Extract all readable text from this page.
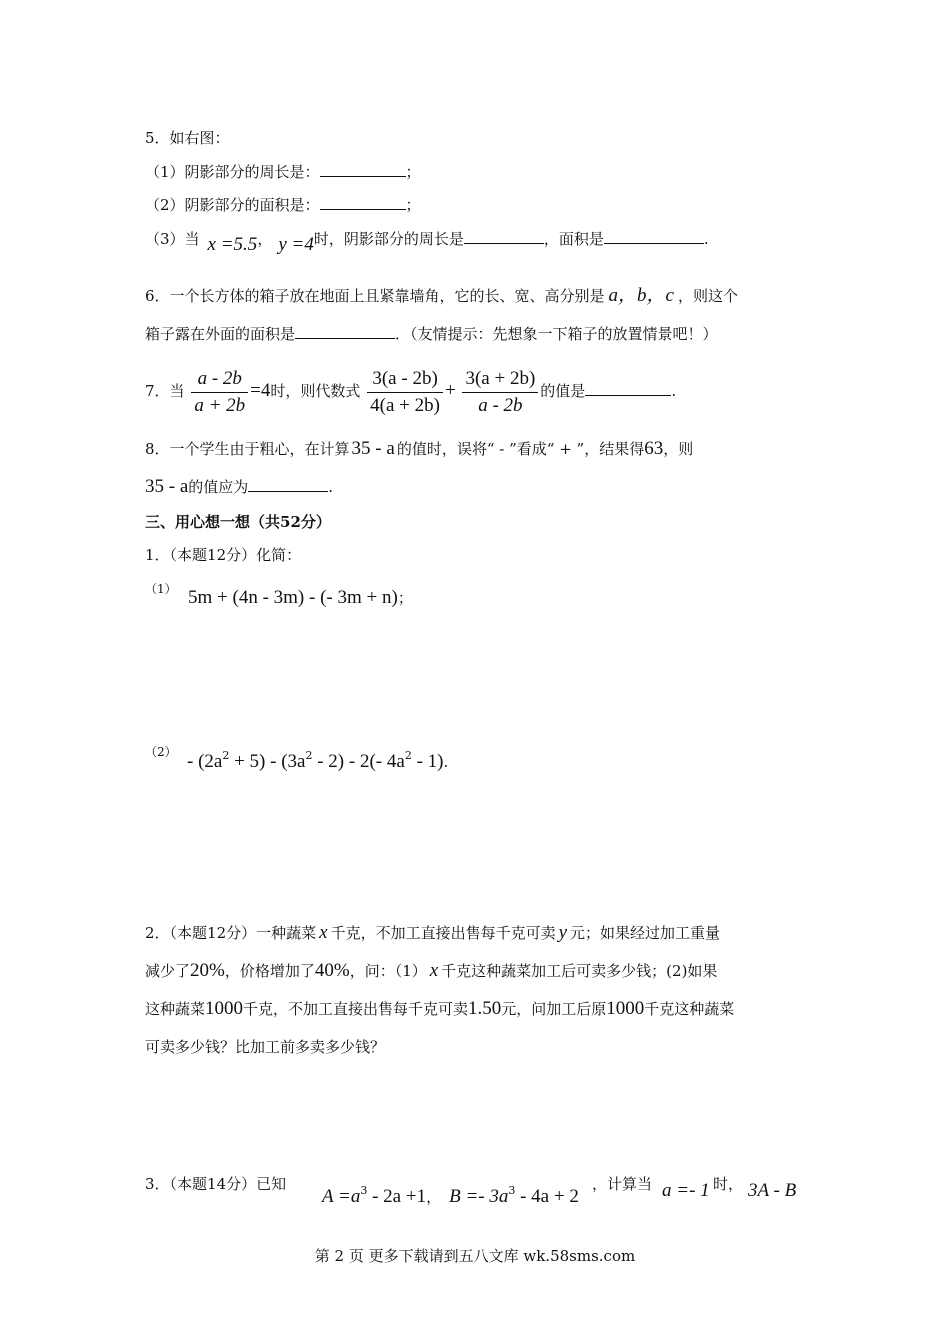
5．如右图：
（1）阴影部分的周长是：	；
（2）阴影部分的面积是：	；
（3）当 x =5.5， y =4时，阴影部分的周长是	，面积是	.
6．一个长方体的箱子放在地面上且紧靠墙角，它的长、宽、高分别是 a，b，c ，则这个
箱子露在外面的面积是	．（友情提示：先想象一下箱子的放置情景吧！）
7．当 $\frac{a - 2b}{a + 2b} =4$时，则代数式 $\frac{3(a - 2b)}{4(a + 2b)} + \frac{3(a + 2b)}{a - 2b}$ 的值是	.
8．一个学生由于粗心，在计算 35 - a 的值时，误将“ - ”看成“ + ”，结果得63，则
35 - a的值应为	.
三、用心想一想（共52分）
1．（本题12分）化简：
（1） 5m + (4n - 3m) - (- 3m + n)；
$(2) - (2a^2 + 5) - (3a^2 - 2) - 2(-$ $4a^2 - 1$).
2．（本题12分）一种蔬菜 x 千克，不加工直接出售每千克可卖 y 元；如果经过加工重量
减少了20%，价格增加了40%，问：（1） x 千克这种蔬菜加工后可卖多少钱；(2)如果
这种蔬菜1000千克，不加工直接出售每千克可卖1.50元，问加工后原1000千克这种蔬菜
可卖多少钱？比加工前多卖多少钱？
3．（本题14分）已知
$A =a^3 - 2a +1$， $B =- 3a^3 - 4a + 2$
，计算当 a =- 1 时， 3A - B
第 2 页 更多下载请到五八文库 wk.58sms.com
